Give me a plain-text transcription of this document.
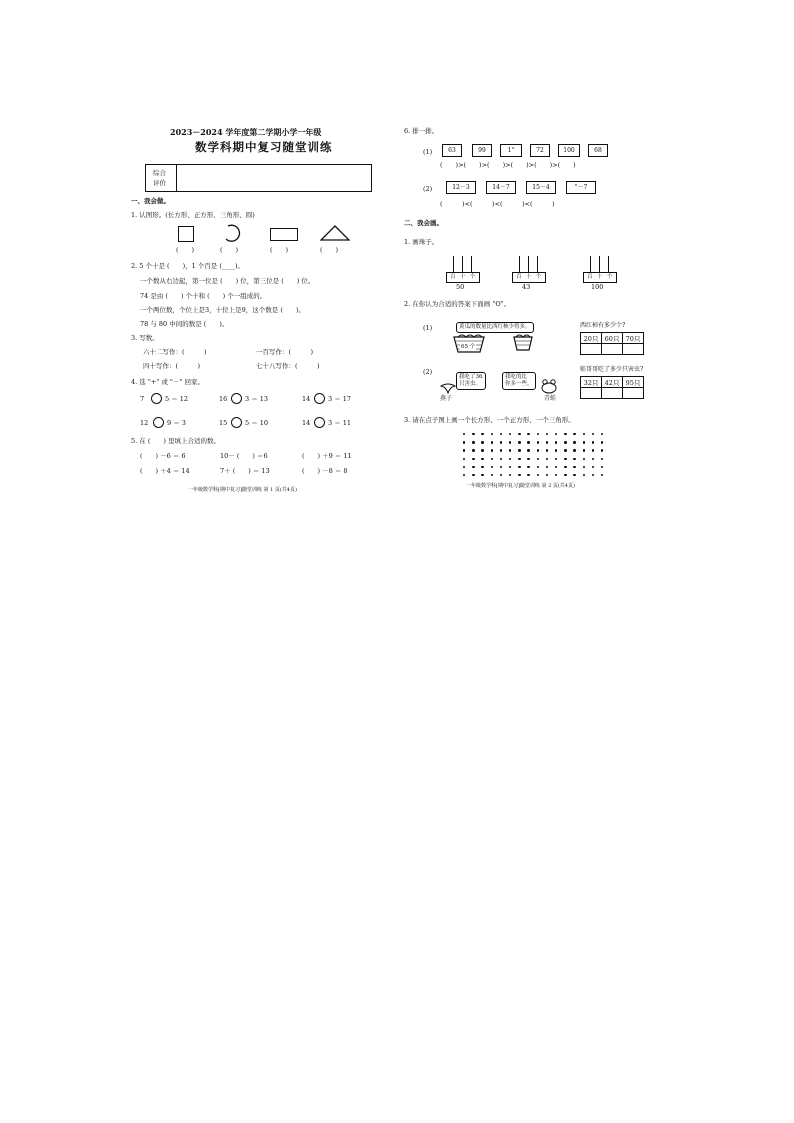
2023－2024 学年度第二学期小学一年级
数学科期中复习随堂训练
综合
评价
一、我会做。
1. 认图形。(长方形、正方形、三角形、圆)
(　　)	(　　)	(　　)	(　　)
2. 5 个十是 (　　)，1 个百是 (____)。
一个数从右边起，第一位是 (　　) 位，第三位是 (　　) 位。
74 是由 (　　) 个十和 (　　) 个一组成的。
一个两位数，个位上是3，十位上是9，这个数是 (　　)。
78 与 80 中间的数是 (　　)。
3. 写数。
六十二写作：(　　　)	一百写作：(　　　)
四十写作：(　　　)	七十八写作：(　　　)
4. 选 "+" 或 "－" 回家。
7	5 ＝ 12	16	3 ＝ 13	14	3 ＝ 17
12	9 ＝ 3	15	5 ＝ 10	14	3 ＝ 11
5. 在 (　　) 里填上合适的数。
(　　) －6 ＝ 6	10－ (　　) ＝6	(　　) ＋9 ＝ 11
(　　) ＋4 ＝ 14	7＋ (　　) ＝ 13	(　　) －8 ＝ 8
一年级数学科[期中复习]随堂训练 第 1 页(共4页)
6. 排一排。
(1)	63	99	1"	72	100	68
(　　)>(　　)>(　　)>(　　)>(　　)>(　　)
(2)	12－3	14－7	15－4	"－7
(　　　)<(　　　)<(　　　)<(　　　)
二、我会画。
1. 画珠子。
百 十 个
50
百 十 个
43
百 十 个
100
2. 在你认为合适的答案下面画 "O"。
(1)	黄瓜的数量比西红柿少得多。
65 个
西红柿有多少个?
20只	60只	70只

(2)
我吃了36
只害虫。
燕子
我吃的比
你多一些。
青蛙
蛙哥哥吃了多少只害虫?
32只	42只	95只

3. 请在点子图上画一个长方形、一个正方形、一个三角形。
一年级数学科[期中复习]随堂训练 第 2 页(共4页)
